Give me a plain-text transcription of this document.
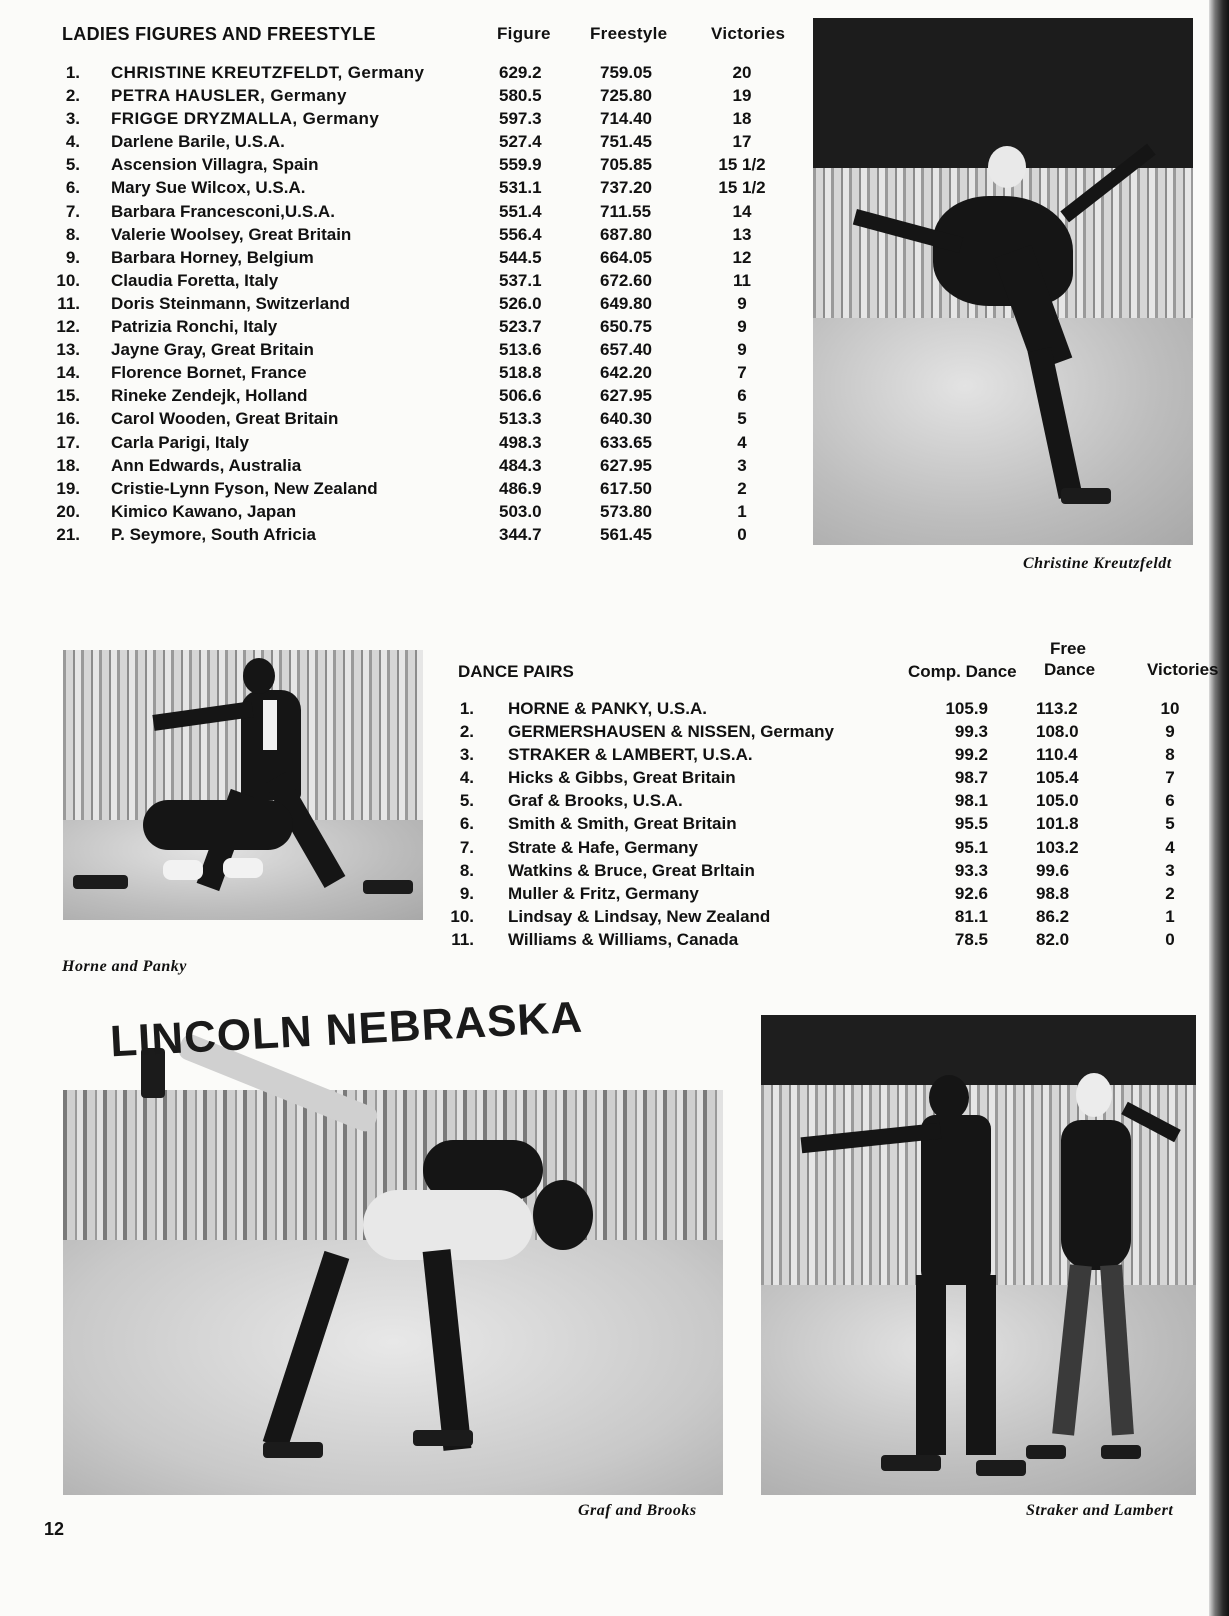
LADIES FIGURES AND FREESTYLE	Figure Freestyle	Victories
1. CHRISTINE KREUTZFELDT, Germany	629.2	759.05	20
2. PETRA HAUSLER, Germany	580.5	725.80	19
3. FRIGGE DRYZMALLA, Germany	597.3	714.40	18
4. Darlene Barile, U.S.A.	527.4	751.45	17
5. Ascension Villagra, Spain	559.9	705.85	15 1/2
6. Mary Sue Wilcox, U.S.A.	531.1	737.20	15 1/2
7. Barbara Francesconi,U.S.A.	551.4	711.55	14
8. Valerie Woolsey, Great Britain	556.4	687.80	13
9. Barbara Horney, Belgium	544.5	664.05	12
10. Claudia Foretta, Italy	537.1	672.60	11
11. Doris Steinmann, Switzerland	526.0	649.80	9
12. Patrizia Ronchi, Italy	523.7	650.75	9
13. Jayne Gray, Great Britain	513.6	657.40	9
14. Florence Bornet, France	518.8	642.20	7
15. Rineke Zendejk, Holland	506.6	627.95	6
16. Carol Wooden, Great Britain	513.3	640.30	5
17. Carla Parigi, Italy	498.3	633.65	4
18. Ann Edwards, Australia	484.3	627.95	3
19. Cristie-Lynn Fyson, New Zealand	486.9	617.50	2
20. Kimico Kawano, Japan	503.0	573.80	1
21. P. Seymore, South Africia	344.7	561.45	0
Christine Kreutzfeldt
Horne and Panky
DANCE PAIRS	Comp. Dance
Free
Dance	Victories
1. HORNE & PANKY, U.S.A.	105.9	113.2	10
2. GERMERSHAUSEN & NISSEN, Germany	99.3	108.0	9
3. STRAKER & LAMBERT, U.S.A.	99.2	110.4	8
4. Hicks & Gibbs, Great Britain	98.7	105.4	7
5. Graf & Brooks, U.S.A.	98.1	105.0	6
6. Smith & Smith, Great Britain	95.5	101.8	5
7. Strate & Hafe, Germany	95.1	103.2	4
8. Watkins & Bruce, Great Brltain	93.3	99.6	3
9. Muller & Fritz, Germany	92.6	98.8	2
10. Lindsay & Lindsay, New Zealand	81.1	86.2	1
11. Williams & Williams, Canada	78.5	82.0	0
LINCOLN NEBRASKA
Graf and Brooks	Straker and Lambert
12
